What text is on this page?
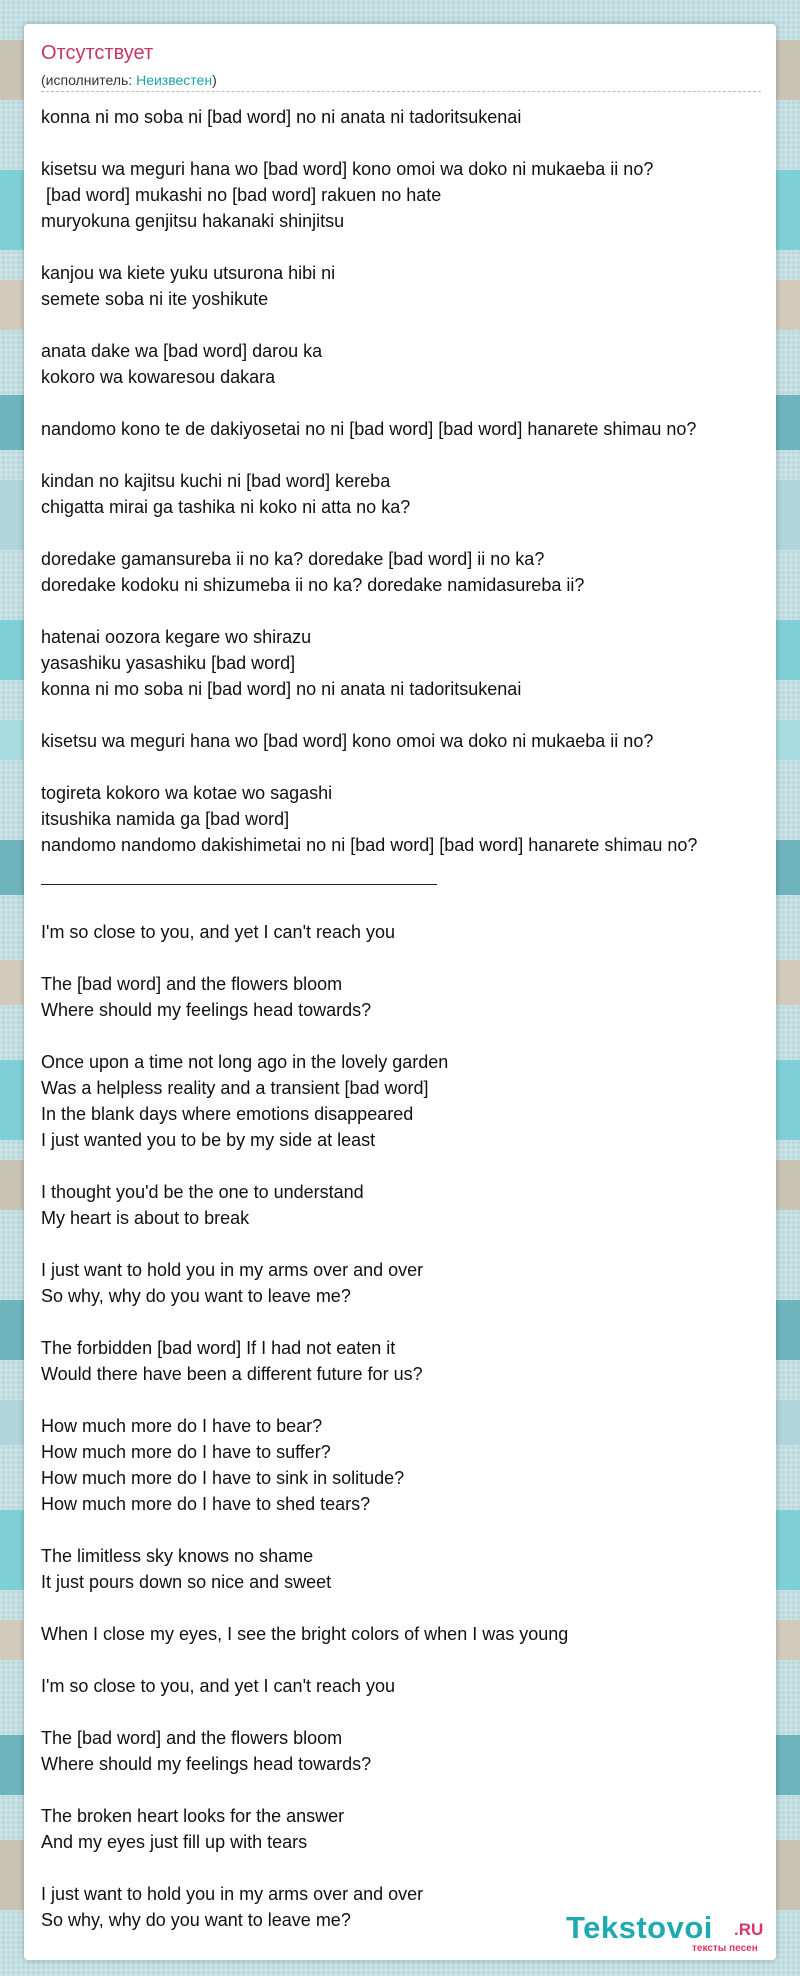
Отсутствует
(исполнитель: Неизвестен)
konna ni mo soba ni [bad word] no ni anata ni tadoritsukenai
kisetsu wa meguri hana wo [bad word] kono omoi wa doko ni mukaeba ii no?
[bad word] mukashi no [bad word] rakuen no hate
muryokuna genjitsu hakanaki shinjitsu
kanjou wa kiete yuku utsurona hibi ni
semete soba ni ite yoshikute
anata dake wa [bad word] darou ka
kokoro wa kowaresou dakara
nandomo kono te de dakiyosetai no ni [bad word] [bad word] hanarete shimau no?
kindan no kajitsu kuchi ni [bad word] kereba
chigatta mirai ga tashika ni koko ni atta no ka?
doredake gamansureba ii no ka? doredake [bad word] ii no ka?
doredake kodoku ni shizumeba ii no ka? doredake namidasureba ii?
hatenai oozora kegare wo shirazu
yasashiku yasashiku [bad word]
konna ni mo soba ni [bad word] no ni anata ni tadoritsukenai
kisetsu wa meguri hana wo [bad word] kono omoi wa doko ni mukaeba ii no?
togireta kokoro wa kotae wo sagashi
itsushika namida ga [bad word]
nandomo nandomo dakishimetai no ni [bad word] [bad word] hanarete shimau no?
I'm so close to you, and yet I can't reach you
The [bad word] and the flowers bloom
Where should my feelings head towards?
Once upon a time not long ago in the lovely garden
Was a helpless reality and a transient [bad word]
In the blank days where emotions disappeared
I just wanted you to be by my side at least
I thought you'd be the one to understand
My heart is about to break
I just want to hold you in my arms over and over
So why, why do you want to leave me?
The forbidden [bad word] If I had not eaten it
Would there have been a different future for us?
How much more do I have to bear?
How much more do I have to suffer?
How much more do I have to sink in solitude?
How much more do I have to shed tears?
The limitless sky knows no shame
It just pours down so nice and sweet
When I close my eyes, I see the bright colors of when I was young
I'm so close to you, and yet I can't reach you
The [bad word] and the flowers bloom
Where should my feelings head towards?
The broken heart looks for the answer
And my eyes just fill up with tears
I just want to hold you in my arms over and over
So why, why do you want to leave me?	Tekstovoi .RU
тексты песен
